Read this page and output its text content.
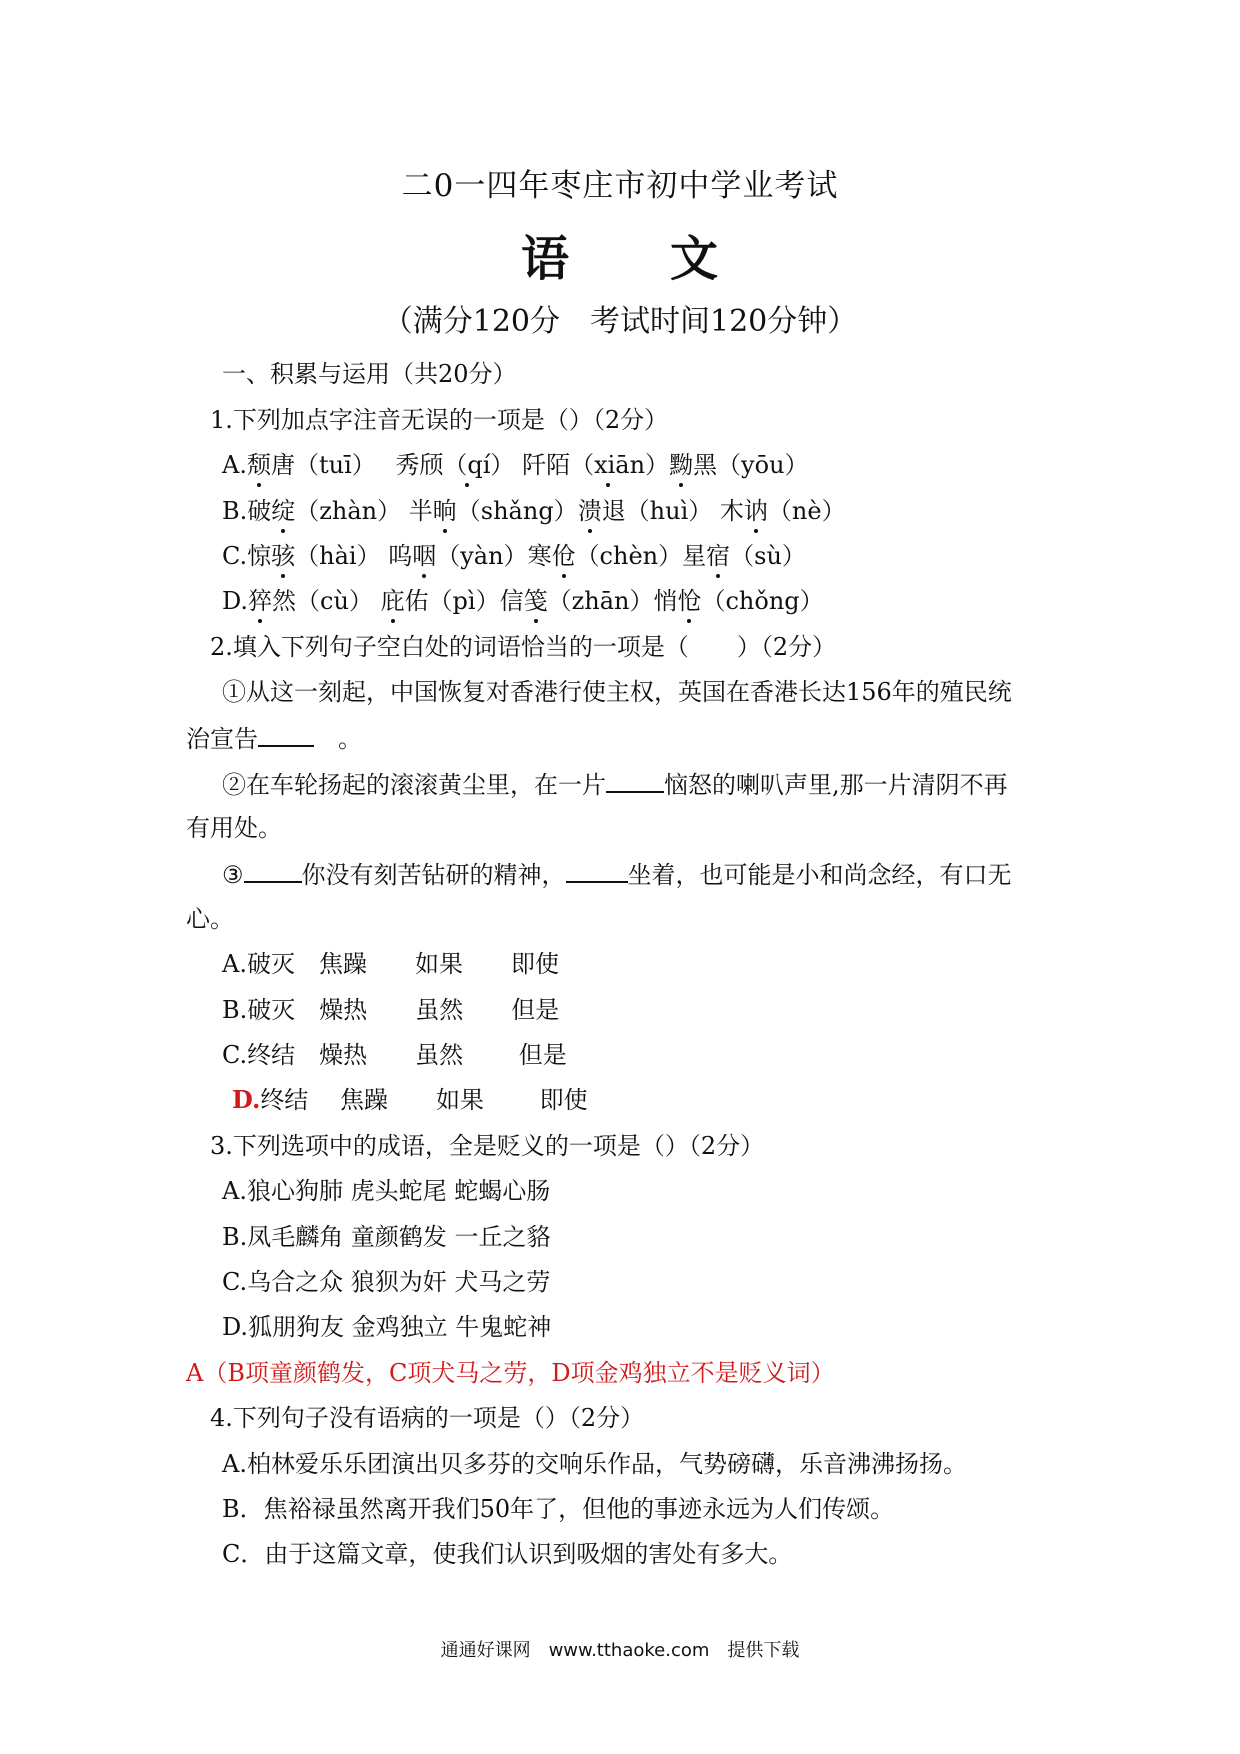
二0一四年枣庄市初中学业考试
语 文
（满分120分　考试时间120分钟）
一、积累与运用（共20分）
1.下列加点字注音无误的一项是（）（2分）
A.颓唐（tuī）　 秀颀（qí） 阡陌（xiān）黝黑（yōu）
B.破绽（zhàn） 半晌（shǎng）溃退（huì） 木讷（nè）
C.惊骇（hài） 呜咽（yàn）寒伧（chèn）星宿（sù）
D.猝然（cù） 庇佑（pì）信笺（zhān）悄怆（chǒng）
2.填入下列句子空白处的词语恰当的一项是（　　）（2分）
①从这一刻起，中国恢复对香港行使主权，英国在香港长达156年的殖民统
治宣告　	。
②在车轮扬起的滚滚黄尘里，在一片 恼怒的喇叭声里,那一片清阴不再
有用处。
③ 你没有刻苦钻研的精神，	坐着，也可能是小和尚念经，有口无
心。
A.破灭　焦躁　　如果　　即使
B.破灭　燥热　　虽然　　但是
C.终结　燥热　　虽然　　 但是
D.终结　 焦躁　　如果　　 即使
3.下列选项中的成语，全是贬义的一项是（）（2分）
A.狼心狗肺 虎头蛇尾 蛇蝎心肠
B.凤毛麟角 童颜鹤发 一丘之貉
C.乌合之众 狼狈为奸 犬马之劳
D.狐朋狗友 金鸡独立 牛鬼蛇神
A（B项童颜鹤发，C项犬马之劳，D项金鸡独立不是贬义词）
4.下列句子没有语病的一项是（）（2分）
A.柏林爱乐乐团演出贝多芬的交响乐作品，气势磅礴，乐音沸沸扬扬。
B．焦裕禄虽然离开我们50年了，但他的事迹永远为人们传颂。
C．由于这篇文章，使我们认识到吸烟的害处有多大。
通通好课网　www.tthaoke.com　提供下载
